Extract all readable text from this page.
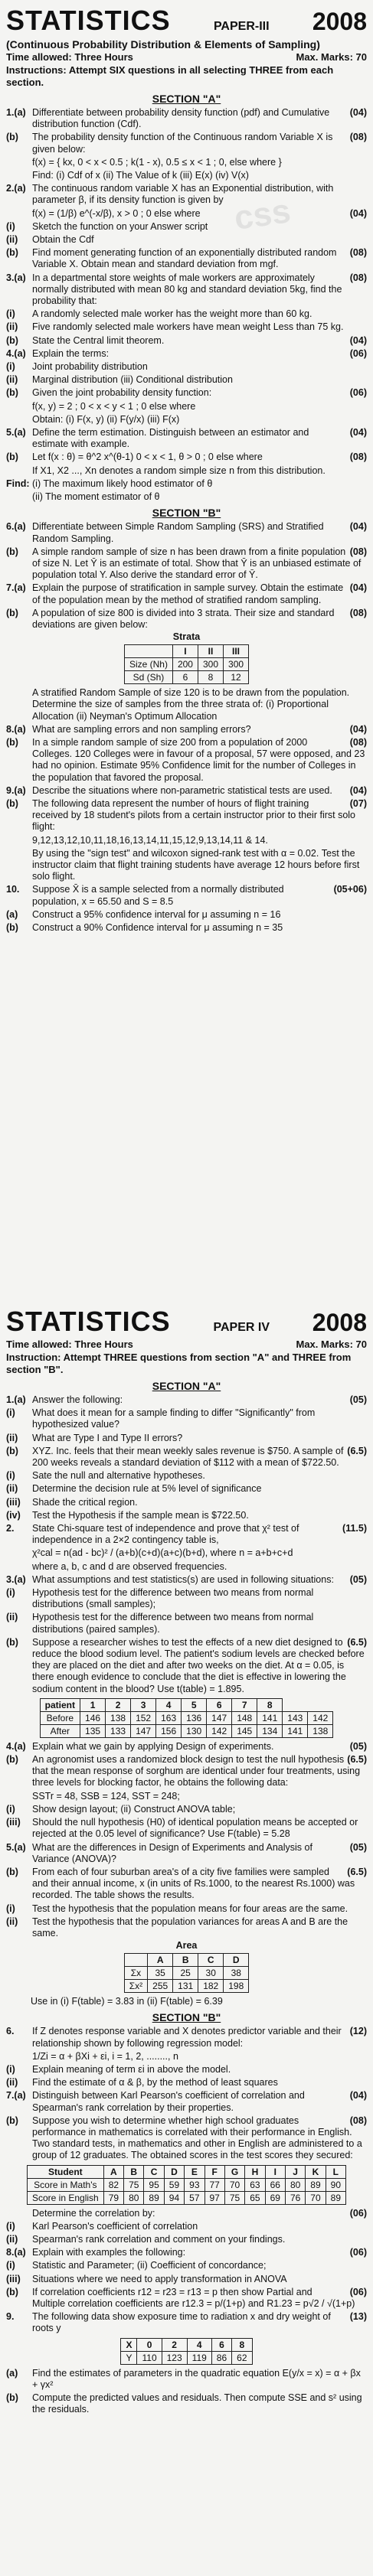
css
STATISTICS	PAPER-III 2008
(Continuous Probability Distribution & Elements of Sampling)
Time allowed: Three Hours	Max. Marks: 70
Instructions: Attempt SIX questions in all selecting THREE from each section.
SECTION "A"
1.(a)	(04)
Differentiate between probability density function (pdf) and Cumulative distribution function (Cdf).
(b)	(08)
The probability density function of the Continuous random Variable X is given below:
f(x) = { kx, 0 < x < 0.5 ; k(1 - x), 0.5 ≤ x < 1 ; 0, else where }
Find: (i) Cdf of x (ii) The Value of k (iii) E(x) (iv) V(x)
2.(a) The continuous random variable X has an Exponential distribution, with parameter β, if its density function is given by
(04)
f(x) = (1/β) e^(-x/β), x > 0 ; 0 else where
(i)	Sketch the function on your Answer script
(ii)	Obtain the Cdf
(b)	(08)
Find moment generating function of an exponentially distributed random Variable X. Obtain mean and standard deviation from mgf.
3.(a)	(08)
In a departmental store weights of male workers are approximately normally distributed with mean 80 kg and standard deviation 5kg, find the probability that:
(i)	A randomly selected male worker has the weight more than 60 kg.
(ii)	Five randomly selected male workers have mean weight Less than 75 kg.
(b)	(04)
State the Central limit theorem.
4.(a)	(06)
Explain the terms:
(i)	Joint probability distribution
(ii)	Marginal distribution (iii) Conditional distribution
(b)	(06)
Given the joint probability density function:
f(x, y) = 2 ; 0 < x < y < 1 ; 0 else where
Obtain: (i) F(x, y) (ii) F(y/x) (iii) F(x)
5.(a)	(04)
Define the term estimation. Distinguish between an estimator and estimate with example.
(b)	(08)
Let f(x : θ) = θ^2 x^(θ-1) 0 < x < 1, θ > 0 ; 0 else where
If X1, X2 ..., Xn denotes a random simple size n from this distribution.
Find: (i) The maximum likely hood estimator of θ
(ii) The moment estimator of θ
SECTION "B"
6.(a)	(04)
Differentiate between Simple Random Sampling (SRS) and Stratified Random Sampling.
(b)	(08)
A simple random sample of size n has been drawn from a finite population of size N. Let Ȳ is an estimate of total. Show that Ȳ is an unbiased estimate of population total Y. Also derive the standard error of Ȳ.
7.(a)	(04)
Explain the purpose of stratification in sample survey. Obtain the estimate of the population mean by the method of stratified random sampling.
(b)	(08)
A population of size 800 is divided into 3 strata. Their size and standard deviations are given below:
Strata
	I	II	III
Size (Nh)	200	300	300
Sd (Sh)	6	8	12
A stratified Random Sample of size 120 is to be drawn from the population. Determine the size of samples from the three strata of: (i) Proportional Allocation (ii) Neyman's Optimum Allocation
8.(a)	(04)
What are sampling errors and non sampling errors?
(b)	(08)
In a simple random sample of size 200 from a population of 2000 Colleges. 120 Colleges were in favour of a proposal, 57 were opposed, and 23 had no opinion. Estimate 95% Confidence limit for the number of Colleges in the population that favored the proposal.
9.(a)	(04)
Describe the situations where non-parametric statistical tests are used.
(b)	(07)
The following data represent the number of hours of flight training received by 18 student's pilots from a certain instructor prior to their first solo flight:
9,12,13,12,10,11,18,16,13,14,11,15,12,9,13,14,11 & 14.
By using the "sign test" and wilcoxon signed-rank test with α = 0.02. Test the instructor claim that flight training students have average 12 hours before first solo flight.
10.	(05+06)
Suppose X̄ is a sample selected from a normally distributed population, x = 65.50 and S = 8.5
(a)	Construct a 95% confidence interval for μ assuming n = 16
(b)	Construct a 90% Confidence interval for μ assuming n = 35
STATISTICS	PAPER IV 2008
Time allowed: Three Hours	Max. Marks: 70
Instruction: Attempt THREE questions from section "A" and THREE from section "B".
SECTION "A"
1.(a)	(05)
Answer the following:
(i)	What does it mean for a sample finding to differ "Significantly" from hypothesized value?
(ii)	What are Type I and Type II errors?
(b)	(6.5)
XYZ. Inc. feels that their mean weekly sales revenue is $750. A sample of 200 weeks reveals a standard deviation of $112 with a mean of $722.50.
(i)	Sate the null and alternative hypotheses.
(ii)	Determine the decision rule at 5% level of significance
(iii)	Shade the critical region.
(iv)	Test the Hypothesis if the sample mean is $722.50.
2.	(11.5)
State Chi-square test of independence and prove that χ² test of independence in a 2×2 contingency table is,
χ²cal = n(ad - bc)² / (a+b)(c+d)(a+c)(b+d), where n = a+b+c+d
where a, b, c and d are observed frequencies.
3.(a)	(05)
What assumptions and test statistics(s) are used in following situations:
(i)	Hypothesis test for the difference between two means from normal distributions (small samples);
(ii)	Hypothesis test for the difference between two means from normal distributions (paired samples).
(b)	(6.5)
Suppose a researcher wishes to test the effects of a new diet designed to reduce the blood sodium level. The patient's sodium levels are checked before they are placed on the diet and after two weeks on the diet. At α = 0.05, is there enough evidence to conclude that the diet is effective in lowering the sodium content in the blood? Use t(table) = 1.895.
patient	1	2	3	4	5	6	7	8		
Before	146	138	152	163	136	147	148	141	143	142
After	135	133	147	156	130	142	145	134	141	138
4.(a)	(05)
Explain what we gain by applying Design of experiments.
(b)	(6.5)
An agronomist uses a randomized block design to test the null hypothesis that the mean response of sorghum are identical under four treatments, using three levels for blocking factor, he obtains the following data:
SSTr = 48, SSB = 124, SST = 248;
(i)	Show design layout; (ii) Construct ANOVA table;
(iii)	Should the null hypothesis (H0) of identical population means be accepted or rejected at the 0.05 level of significance? Use F(table) = 5.28
5.(a)	(05)
What are the differences in Design of Experiments and Analysis of Variance (ANOVA)?
(b)	(6.5)
From each of four suburban area's of a city five families were sampled and their annual income, x (in units of Rs.1000, to the nearest Rs.1000) was recorded. The table shows the results.
(i)	Test the hypothesis that the population means for four areas are the same.
(ii)	Test the hypothesis that the population variances for areas A and B are the same.
Area
	A	B	C	D
Σx	35	25	30	38
Σx²	255	131	182	198
Use in (i) F(table) = 3.83 in (ii) F(table) = 6.39
SECTION "B"
6.	(12)
If Z denotes response variable and X denotes predictor variable and their relationship shown by following regression model:
1/Zi = α + βXi + εi, i = 1, 2, ........, n
(i)	Explain meaning of term εi in above the model.
(ii)	Find the estimate of α & β, by the method of least squares
7.(a)	(04)
Distinguish between Karl Pearson's coefficient of correlation and Spearman's rank correlation by their properties.
(b)	(08)
Suppose you wish to determine whether high school graduates performance in mathematics is correlated with their performance in English. Two standard tests, in mathematics and other in English are administered to a group of 12 graduates. The obtained scores in the test scores they secured:
Student	A	B	C	D	E	F	G	H	I	J	K	L
Score in Math's	82	75	95	59	93	77	70	63	66	80	89	90
Score in English	79	80	89	94	57	97	75	65	69	76	70	89
(06)
Determine the correlation by:
(i)	Karl Pearson's coefficient of correlation
(ii)	Spearman's rank correlation and comment on your findings.
8.(a)	(06)
Explain with examples the following:
(i)	Statistic and Parameter; (ii) Coefficient of concordance;
(iii)	Situations where we need to apply transformation in ANOVA
(b)	(06)
If correlation coefficients r12 = r23 = r13 = p then show Partial and Multiple correlation coefficients are r12.3 = p/(1+p) and R1.23 = p√2 / √(1+p)
9.	(13)
The following data show exposure time to radiation x and dry weight of roots y
X	0	2	4	6	8
Y	110	123	119	86	62
(a)	Find the estimates of parameters in the quadratic equation E(y/x = x) = α + βx + γx²
(b)	Compute the predicted values and residuals. Then compute SSE and s² using the residuals.
